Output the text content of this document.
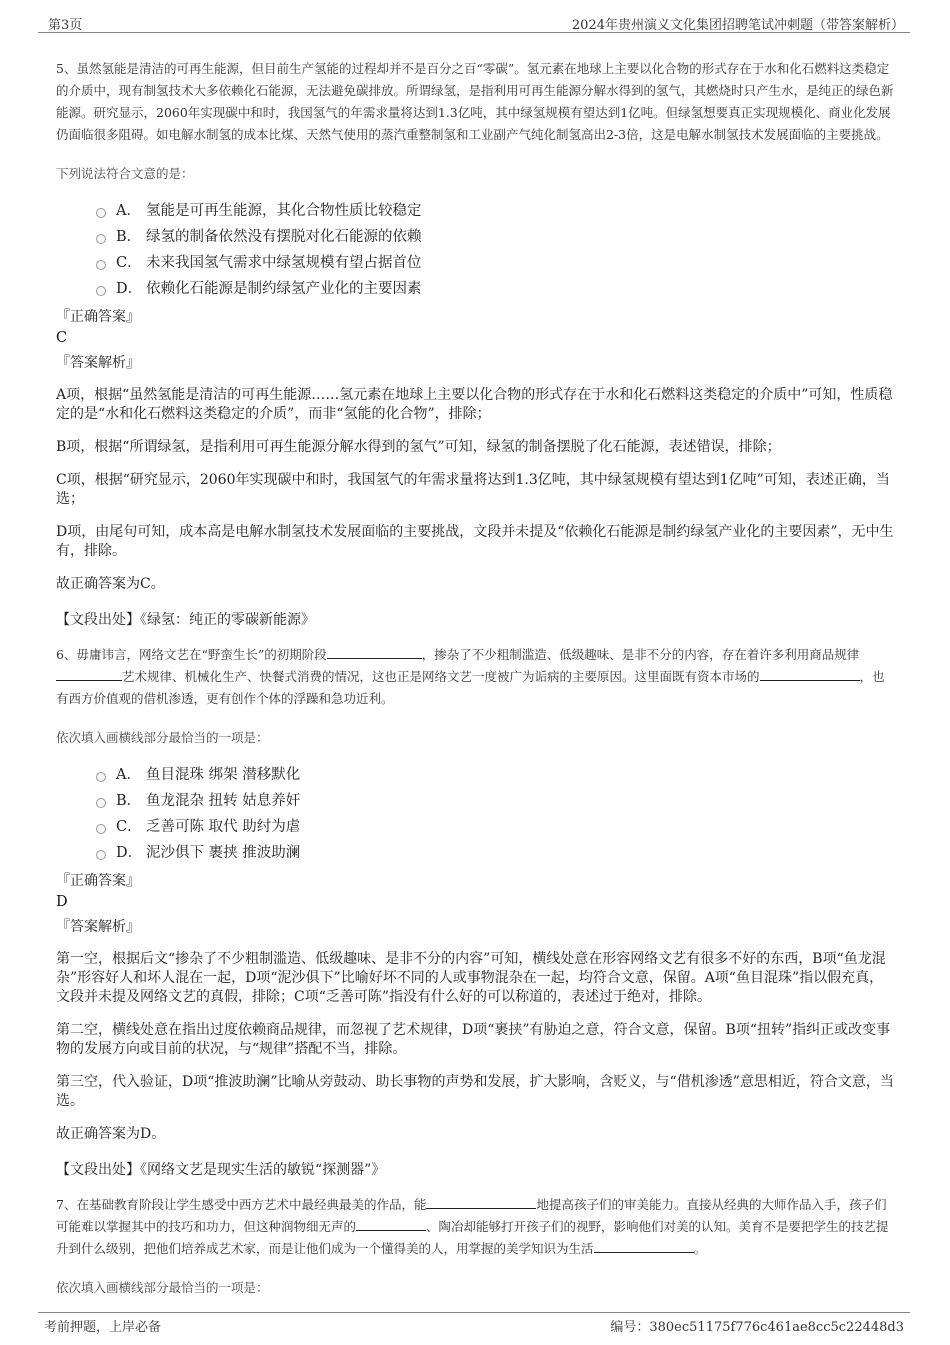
第3页	2024年贵州演义文化集团招聘笔试冲刺题（带答案解析）

5、虽然氢能是清洁的可再生能源，但目前生产氢能的过程却并不是百分之百“零碳”。氢元素在地球上主要以化合物的形式存在于水和化石燃料这类稳定的介质中，现有制氢技术大多依赖化石能源，无法避免碳排放。所谓绿氢，是指利用可再生能源分解水得到的氢气，其燃烧时只产生水，是纯正的绿色新能源。研究显示，2060年实现碳中和时，我国氢气的年需求量将达到1.3亿吨，其中绿氢规模有望达到1亿吨。但绿氢想要真正实现规模化、商业化发展仍面临很多阻碍。如电解水制氢的成本比煤、天然气使用的蒸汽重整制氢和工业副产气纯化制氢高出2-3倍，这是电解水制氢技术发展面临的主要挑战。

下列说法符合文意的是：

A． 氢能是可再生能源，其化合物性质比较稳定
B． 绿氢的制备依然没有摆脱对化石能源的依赖
C． 未来我国氢气需求中绿氢规模有望占据首位
D． 依赖化石能源是制约绿氢产业化的主要因素

『正确答案』

C

『答案解析』

A项，根据“虽然氢能是清洁的可再生能源……氢元素在地球上主要以化合物的形式存在于水和化石燃料这类稳定的介质中”可知，性质稳定的是“水和化石燃料这类稳定的介质”，而非“氢能的化合物”，排除；

B项，根据“所谓绿氢，是指利用可再生能源分解水得到的氢气”可知，绿氢的制备摆脱了化石能源，表述错误，排除；

C项，根据“研究显示，2060年实现碳中和时，我国氢气的年需求量将达到1.3亿吨，其中绿氢规模有望达到1亿吨”可知，表述正确，当选；

D项，由尾句可知，成本高是电解水制氢技术发展面临的主要挑战，文段并未提及“依赖化石能源是制约绿氢产业化的主要因素”，无中生有，排除。

故正确答案为C。

【文段出处】《绿氢：纯正的零碳新能源》

6、毋庸讳言，网络文艺在“野蛮生长”的初期阶段	，掺杂了不少粗制滥造、低级趣味、是非不分的内容，存在着许多利用商品规律艺术规律、机械化生产、快餐式消费的情况，这也正是网络文艺一度被广为诟病的主要原因。这里面既有资本市场的	，也有西方价值观的借机渗透，更有创作个体的浮躁和急功近利。

依次填入画横线部分最恰当的一项是：

A． 鱼目混珠 绑架 潜移默化
B． 鱼龙混杂 扭转 姑息养奸
C． 乏善可陈 取代 助纣为虐
D． 泥沙俱下 裹挟 推波助澜

『正确答案』

D

『答案解析』

第一空，根据后文“掺杂了不少粗制滥造、低级趣味、是非不分的内容”可知，横线处意在形容网络文艺有很多不好的东西，B项“鱼龙混杂”形容好人和坏人混在一起，D项“泥沙俱下”比喻好坏不同的人或事物混杂在一起，均符合文意，保留。A项“鱼目混珠”指以假充真，文段并未提及网络文艺的真假，排除；C项“乏善可陈”指没有什么好的可以称道的，表述过于绝对，排除。

第二空，横线处意在指出过度依赖商品规律，而忽视了艺术规律，D项“裹挟”有胁迫之意，符合文意，保留。B项“扭转”指纠正或改变事物的发展方向或目前的状况，与“规律”搭配不当，排除。

第三空，代入验证，D项“推波助澜”比喻从旁鼓动、助长事物的声势和发展，扩大影响，含贬义，与“借机渗透”意思相近，符合文意，当选。

故正确答案为D。

【文段出处】《网络文艺是现实生活的敏锐“探测器”》

7、在基础教育阶段让学生感受中西方艺术中最经典最美的作品，能	地提高孩子们的审美能力。直接从经典的大师作品入手，孩子们可能难以掌握其中的技巧和功力，但这种润物细无声的	、陶冶却能够打开孩子们的视野，影响他们对美的认知。美育不是要把学生的技艺提升到什么级别，把他们培养成艺术家，而是让他们成为一个懂得美的人，用掌握的美学知识为生活	。

依次填入画横线部分最恰当的一项是：

考前押题，上岸必备	编号：380ec51175f776c461ae8cc5c22448d3
